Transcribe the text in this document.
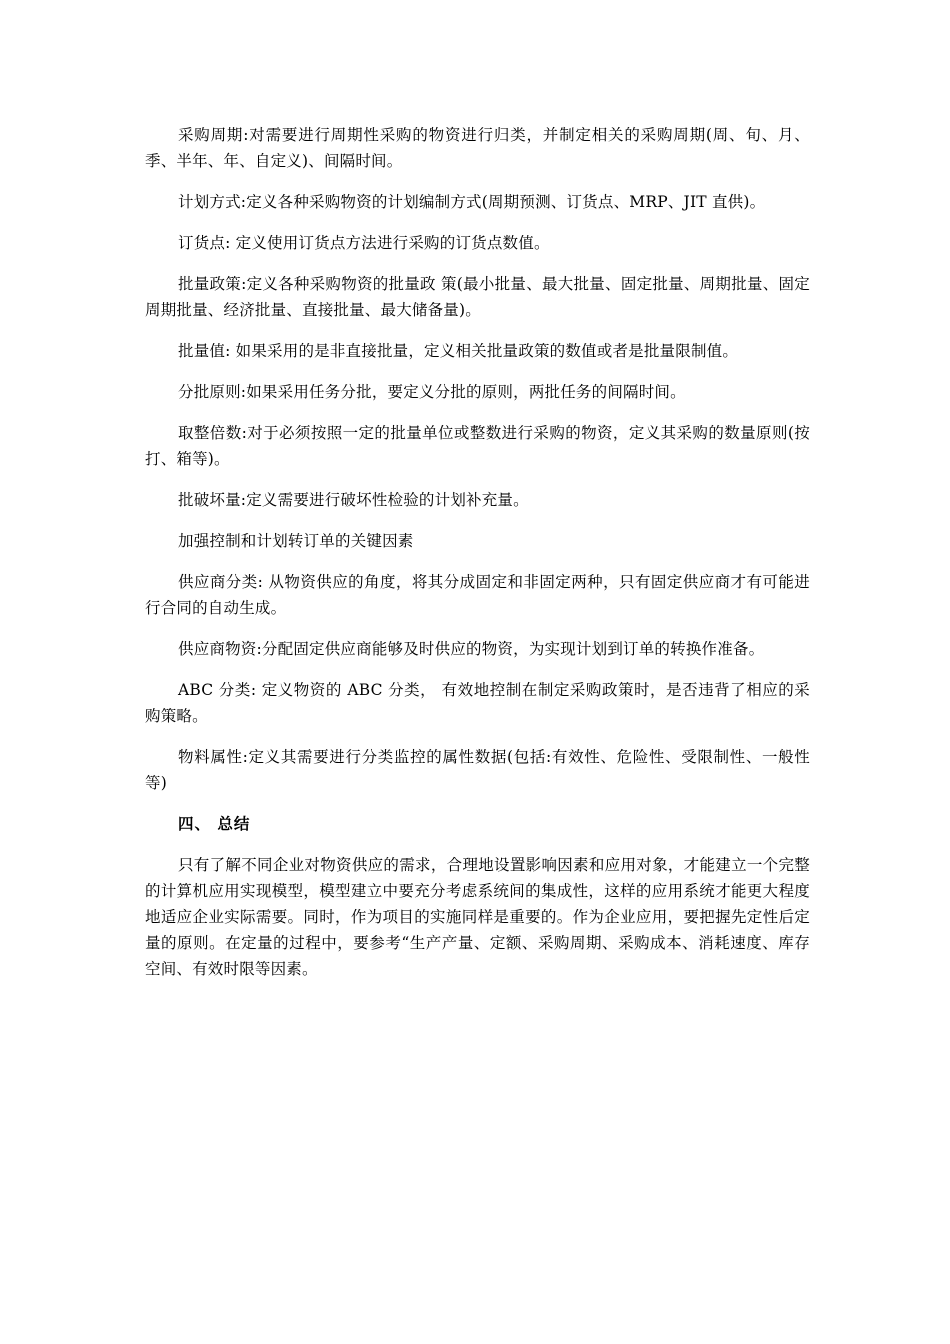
采购周期:对需要进行周期性采购的物资进行归类，并制定相关的采购周期(周、旬、月、季、半年、年、自定义)、间隔时间。

计划方式:定义各种采购物资的计划编制方式(周期预测、订货点、MRP、JIT 直供)。

订货点: 定义使用订货点方法进行采购的订货点数值。

批量政策:定义各种采购物资的批量政 策(最小批量、最大批量、固定批量、周期批量、固定周期批量、经济批量、直接批量、最大储备量)。

批量值: 如果采用的是非直接批量，定义相关批量政策的数值或者是批量限制值。

分批原则:如果采用任务分批，要定义分批的原则，两批任务的间隔时间。

取整倍数:对于必须按照一定的批量单位或整数进行采购的物资，定义其采购的数量原则(按打、箱等)。

批破坏量:定义需要进行破坏性检验的计划补充量。

加强控制和计划转订单的关键因素

供应商分类: 从物资供应的角度，将其分成固定和非固定两种，只有固定供应商才有可能进行合同的自动生成。

供应商物资:分配固定供应商能够及时供应的物资，为实现计划到订单的转换作准备。

ABC 分类: 定义物资的 ABC 分类， 有效地控制在制定采购政策时，是否违背了相应的采购策略。

物料属性:定义其需要进行分类监控的属性数据(包括:有效性、危险性、受限制性、一般性等)

四、 总结

只有了解不同企业对物资供应的需求，合理地设置影响因素和应用对象，才能建立一个完整的计算机应用实现模型，模型建立中要充分考虑系统间的集成性，这样的应用系统才能更大程度地适应企业实际需要。同时，作为项目的实施同样是重要的。作为企业应用，要把握先定性后定量的原则。在定量的过程中，要参考“生产产量、定额、采购周期、采购成本、消耗速度、库存空间、有效时限等因素。
